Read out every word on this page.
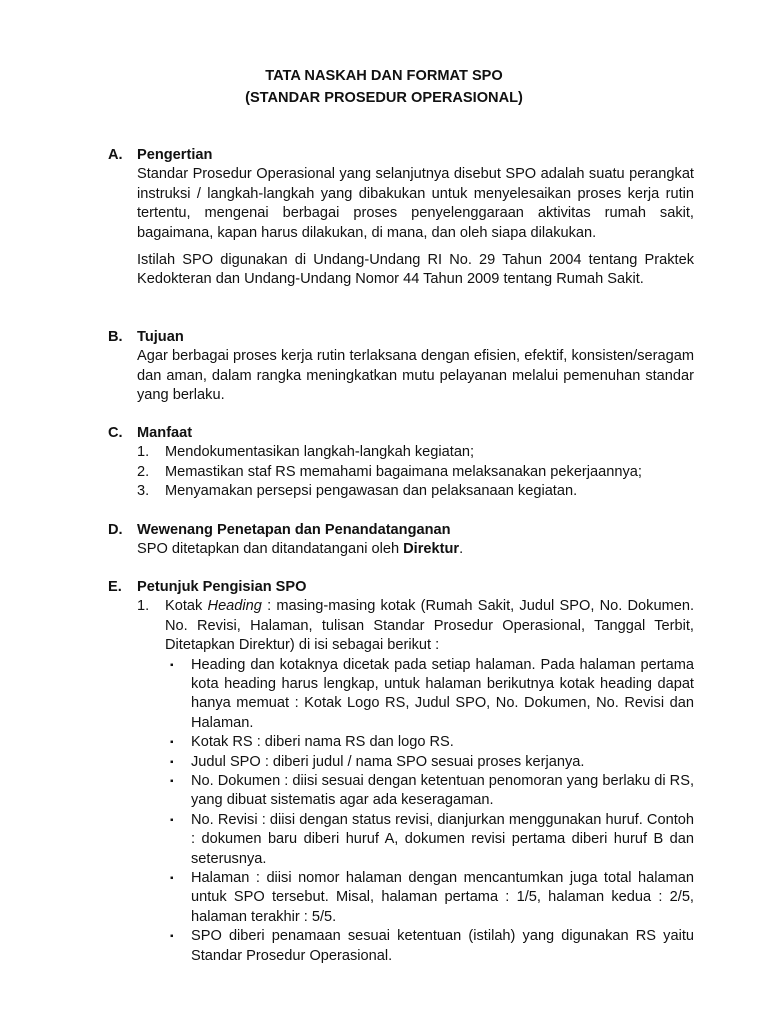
TATA NASKAH DAN FORMAT SPO
(STANDAR PROSEDUR OPERASIONAL)
A. Pengertian

Standar Prosedur Operasional yang selanjutnya disebut SPO adalah suatu perangkat instruksi / langkah-langkah yang dibakukan untuk menyelesaikan proses kerja rutin tertentu, mengenai berbagai proses penyelenggaraan aktivitas rumah sakit, bagaimana, kapan harus dilakukan, di mana, dan oleh siapa dilakukan.

Istilah SPO digunakan di Undang-Undang RI No. 29 Tahun 2004 tentang Praktek Kedokteran dan Undang-Undang Nomor 44 Tahun 2009 tentang Rumah Sakit.

B. Tujuan

Agar berbagai proses kerja rutin terlaksana dengan efisien, efektif, konsisten/seragam dan aman, dalam rangka meningkatkan mutu pelayanan melalui pemenuhan standar yang berlaku.

C. Manfaat
1. Mendokumentasikan langkah-langkah kegiatan;
2. Memastikan staf RS memahami bagaimana melaksanakan pekerjaannya;
3. Menyamakan persepsi pengawasan dan pelaksanaan kegiatan.
D. Wewenang Penetapan dan Penandatanganan
SPO ditetapkan dan ditandatangani oleh Direktur.
E. Petunjuk Pengisian SPO
1. Kotak Heading : masing-masing kotak (Rumah Sakit, Judul SPO, No. Dokumen. No. Revisi, Halaman, tulisan Standar Prosedur Operasional, Tanggal Terbit, Ditetapkan Direktur) di isi sebagai berikut :
▪ Heading dan kotaknya dicetak pada setiap halaman. Pada halaman pertama kota heading harus lengkap, untuk halaman berikutnya kotak heading dapat hanya memuat : Kotak Logo RS, Judul SPO, No. Dokumen, No. Revisi dan Halaman.
▪ Kotak RS : diberi nama RS dan logo RS.
▪ Judul SPO : diberi judul / nama SPO sesuai proses kerjanya.
▪ No. Dokumen : diisi sesuai dengan ketentuan penomoran yang berlaku di RS, yang dibuat sistematis agar ada keseragaman.
▪ No. Revisi : diisi dengan status revisi, dianjurkan menggunakan huruf. Contoh : dokumen baru diberi huruf A, dokumen revisi pertama diberi huruf B dan seterusnya.
▪ Halaman : diisi nomor halaman dengan mencantumkan juga total halaman untuk SPO tersebut. Misal, halaman pertama : 1/5, halaman kedua : 2/5, halaman terakhir : 5/5.
▪ SPO diberi penamaan sesuai ketentuan (istilah) yang digunakan RS yaitu Standar Prosedur Operasional.
